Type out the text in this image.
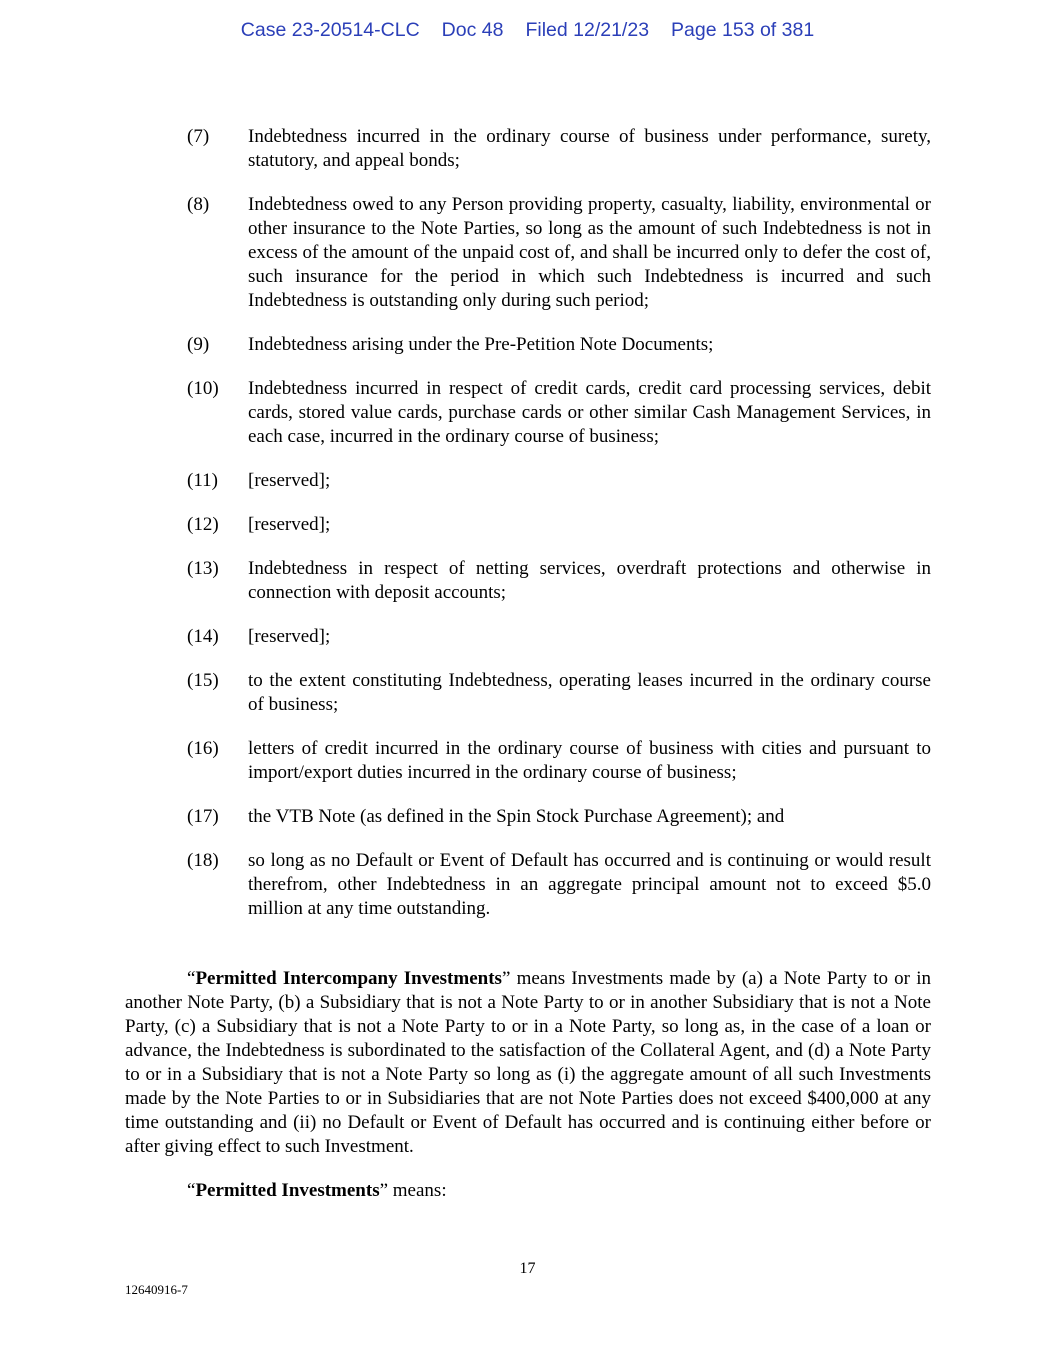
Case 23-20514-CLC Doc 48 Filed 12/21/23 Page 153 of 381
(7)	Indebtedness incurred in the ordinary course of business under performance, surety, statutory, and appeal bonds;
(8)	Indebtedness owed to any Person providing property, casualty, liability, environmental or other insurance to the Note Parties, so long as the amount of such Indebtedness is not in excess of the amount of the unpaid cost of, and shall be incurred only to defer the cost of, such insurance for the period in which such Indebtedness is incurred and such Indebtedness is outstanding only during such period;
(9)	Indebtedness arising under the Pre-Petition Note Documents;
(10)	Indebtedness incurred in respect of credit cards, credit card processing services, debit cards, stored value cards, purchase cards or other similar Cash Management Services, in each case, incurred in the ordinary course of business;
(11)	[reserved];
(12)	[reserved];
(13)	Indebtedness in respect of netting services, overdraft protections and otherwise in connection with deposit accounts;
(14)	[reserved];
(15)	to the extent constituting Indebtedness, operating leases incurred in the ordinary course of business;
(16)	letters of credit incurred in the ordinary course of business with cities and pursuant to import/export duties incurred in the ordinary course of business;
(17)	the VTB Note (as defined in the Spin Stock Purchase Agreement); and
(18)	so long as no Default or Event of Default has occurred and is continuing or would result therefrom, other Indebtedness in an aggregate principal amount not to exceed $5.0 million at any time outstanding.

“Permitted Intercompany Investments” means Investments made by (a) a Note Party to or in another Note Party, (b) a Subsidiary that is not a Note Party to or in another Subsidiary that is not a Note Party, (c) a Subsidiary that is not a Note Party to or in a Note Party, so long as, in the case of a loan or advance, the Indebtedness is subordinated to the satisfaction of the Collateral Agent, and (d) a Note Party to or in a Subsidiary that is not a Note Party so long as (i) the aggregate amount of all such Investments made by the Note Parties to or in Subsidiaries that are not Note Parties does not exceed $400,000 at any time outstanding and (ii) no Default or Event of Default has occurred and is continuing either before or after giving effect to such Investment.

“Permitted Investments” means:

17
12640916-7
